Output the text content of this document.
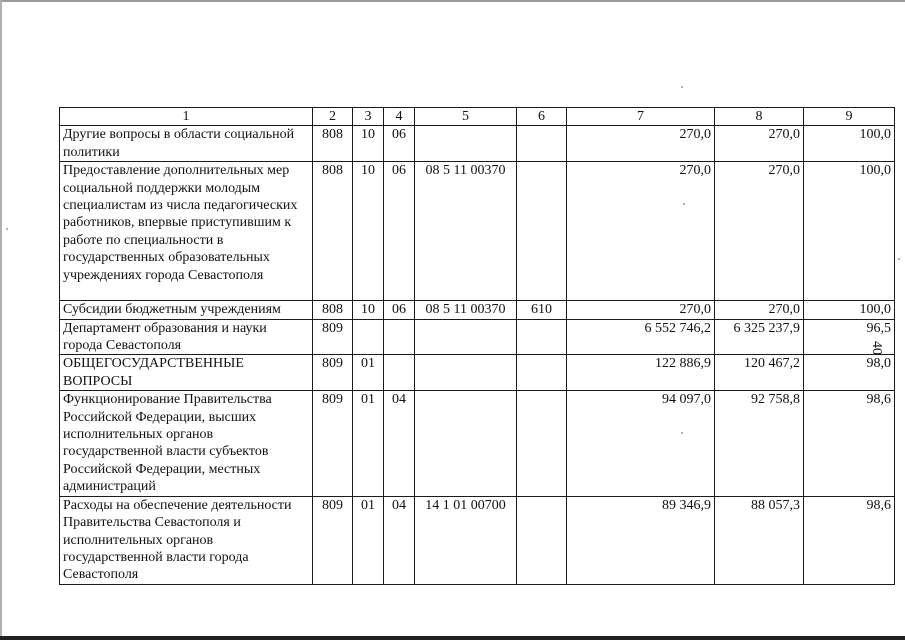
1	2	3	4	5	6	7	8	9
Другие вопросы в области социальной политики	808	10	06			270,0	270,0	100,0
Предоставление дополнительных мер социальной поддержки молодым специалистам из числа педагогических работников, впервые приступившим к работе по специальности в государственных образовательных учреждениях города Севастополя	808	10	06	08 5 11 00370		270,0	270,0	100,0
Субсидии бюджетным учреждениям	808	10	06	08 5 11 00370	610	270,0	270,0	100,0
Департамент образования и науки города Севастополя	809					6 552 746,2	6 325 237,9	96,5
ОБЩЕГОСУДАРСТВЕННЫЕ ВОПРОСЫ	809	01				122 886,9	120 467,2	98,0
Функционирование Правительства Российской Федерации, высших исполнительных органов государственной власти субъектов Российской Федерации, местных администраций	809	01	04			94 097,0	92 758,8	98,6
Расходы на обеспечение деятельности Правительства Севастополя и исполнительных органов государственной власти города Севастополя	809	01	04	14 1 01 00700		89 346,9	88 057,3	98,6
40
